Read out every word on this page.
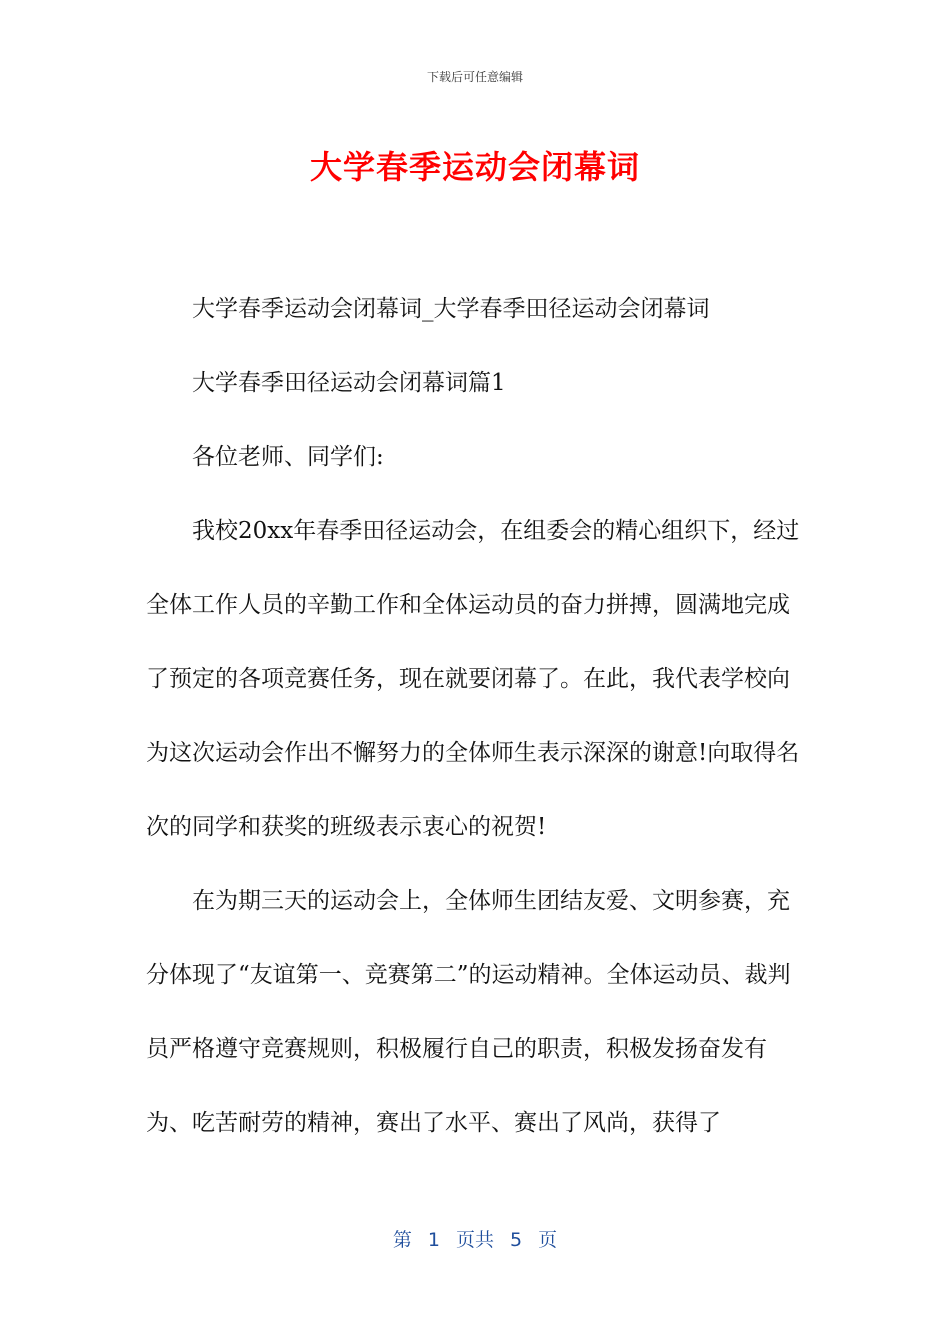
下载后可任意编辑
大学春季运动会闭幕词

大学春季运动会闭幕词_大学春季田径运动会闭幕词

大学春季田径运动会闭幕词篇1

各位老师、同学们:

我校20xx年春季田径运动会，在组委会的精心组织下，经过全体工作人员的辛勤工作和全体运动员的奋力拼搏，圆满地完成了预定的各项竞赛任务，现在就要闭幕了。在此，我代表学校向为这次运动会作出不懈努力的全体师生表示深深的谢意!向取得名次的同学和获奖的班级表示衷心的祝贺!

在为期三天的运动会上，全体师生团结友爱、文明参赛，充分体现了“友谊第一、竞赛第二”的运动精神。全体运动员、裁判员严格遵守竞赛规则，积极履行自己的职责，积极发扬奋发有为、吃苦耐劳的精神，赛出了水平、赛出了风尚，获得了

第 1 页共 5 页
